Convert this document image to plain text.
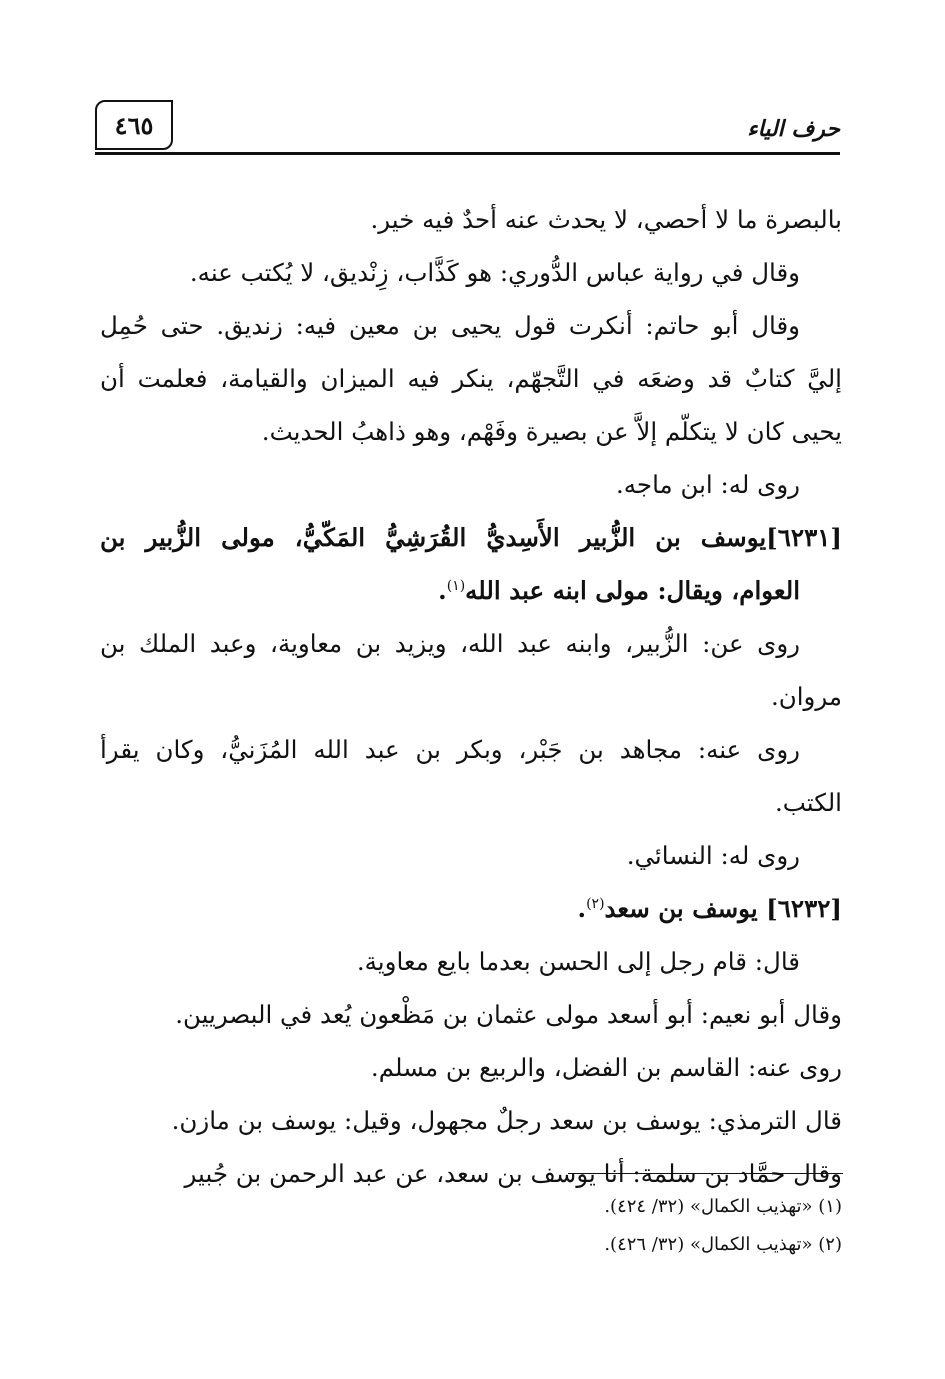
٤٦٥	حرف الياء
بالبصرة ما لا أحصي، لا يحدث عنه أحدٌ فيه خير.
وقال في رواية عباس الدُّوري: هو كَذَّاب، زِنْديق، لا يُكتب عنه.
وقال أبو حاتم: أنكرت قول يحيى بن معين فيه: زنديق. حتى حُمِل
إليَّ كتابٌ قد وضعَه في التَّجهّم، ينكر فيه الميزان والقيامة، فعلمت أن
يحيى كان لا يتكلّم إلاَّ عن بصيرة وفَهْم، وهو ذاهبُ الحديث.
روى له: ابن ماجه.
[٦٢٣١]يوسف بن الزُّبير الأَسِديُّ القُرَشِيُّ المَكّيُّ، مولى الزُّبير بن
العوام، ويقال: مولى ابنه عبد الله$^{(١)}$.
روى عن: الزُّبير، وابنه عبد الله، ويزيد بن معاوية، وعبد الملك بن
مروان.
روى عنه: مجاهد بن جَبْر، وبكر بن عبد الله المُزَنيُّ، وكان يقرأ
الكتب.
روى له: النسائي.
[٦٢٣٢] يوسف بن سعد$^{(٢)}$.
قال: قام رجل إلى الحسن بعدما بايع معاوية.
وقال أبو نعيم: أبو أسعد مولى عثمان بن مَظْعون يُعد في البصريين.
روى عنه: القاسم بن الفضل، والربيع بن مسلم.
قال الترمذي: يوسف بن سعد رجلٌ مجهول، وقيل: يوسف بن مازن.
وقال حمَّاد بن سلمة: أنا يوسف بن سعد، عن عبد الرحمن بن جُبير
(١) «تهذيب الكمال» (٣٢/ ٤٢٤).
(٢) «تهذيب الكمال» (٣٢/ ٤٢٦).
